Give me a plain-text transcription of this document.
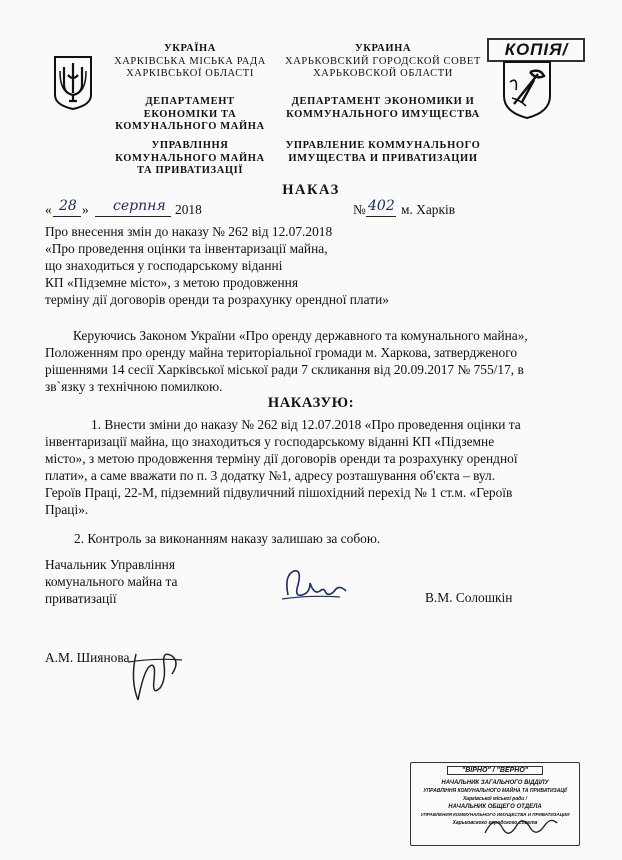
УКРАЇНА
ХАРКІВСЬКА МІСЬКА РАДА
ХАРКІВСЬКОЇ ОБЛАСТІ
ДЕПАРТАМЕНТ
ЕКОНОМІКИ ТА
КОМУНАЛЬНОГО МАЙНА
УПРАВЛІННЯ
КОМУНАЛЬНОГО МАЙНА
ТА ПРИВАТИЗАЦІЇ
УКРАИНА
ХАРЬКОВСКИЙ ГОРОДСКОЙ СОВЕТ
ХАРЬКОВСКОЙ ОБЛАСТИ
ДЕПАРТАМЕНТ ЭКОНОМИКИ И
КОММУНАЛЬНОГО ИМУЩЕСТВА
УПРАВЛЕНИЕ КОММУНАЛЬНОГО
ИМУЩЕСТВА И ПРИВАТИЗАЦИИ
КОПІЯ /
НАКАЗ
« 28 » серпня 2018	№ 402 м. Харків
Про внесення змін до наказу № 262 від 12.07.2018
«Про проведення оцінки та інвентаризації майна,
що знаходиться у господарському віданні
КП «Підземне місто», з метою продовження
терміну дії договорів оренди та розрахунку орендної плати»
Керуючись Законом України «Про оренду державного та комунального майна»,
Положенням про оренду майна територіальної громади м. Харкова, затвердженого
рішеннями 14 сесії Харківської міської ради 7 скликання від 20.09.2017 № 755/17, в
зв`язку з технічною помилкою.
НАКАЗУЮ:
1. Внести зміни до наказу № 262 від 12.07.2018 «Про проведення оцінки та
інвентаризації майна, що знаходиться у господарському віданні КП «Підземне
місто», з метою продовження терміну дії договорів оренди та розрахунку орендної
плати», а саме вважати по п. 3 додатку №1, адресу розташування об'єкта – вул.
Героїв Праці, 22-М, підземний підвуличний пішохідний перехід № 1 ст.м. «Героїв
Праці».
2. Контроль за виконанням наказу залишаю за собою.
Начальник Управління
комунального майна та
приватизації	В.М. Солошкін
А.М. Шиянова
"ВІРНО" / "ВЕРНО"
НАЧАЛЬНИК ЗАГАЛЬНОГО ВІДДІЛУ
УПРАВЛІННЯ КОМУНАЛЬНОГО МАЙНА ТА ПРИВАТИЗАЦІЇ
Харківської міської ради /
НАЧАЛЬНИК ОБЩЕГО ОТДЕЛА
УПРАВЛЕНИЯ КОММУНАЛЬНОГО ИМУЩЕСТВА И ПРИВАТИЗАЦИИ
Харьковского городского совета
